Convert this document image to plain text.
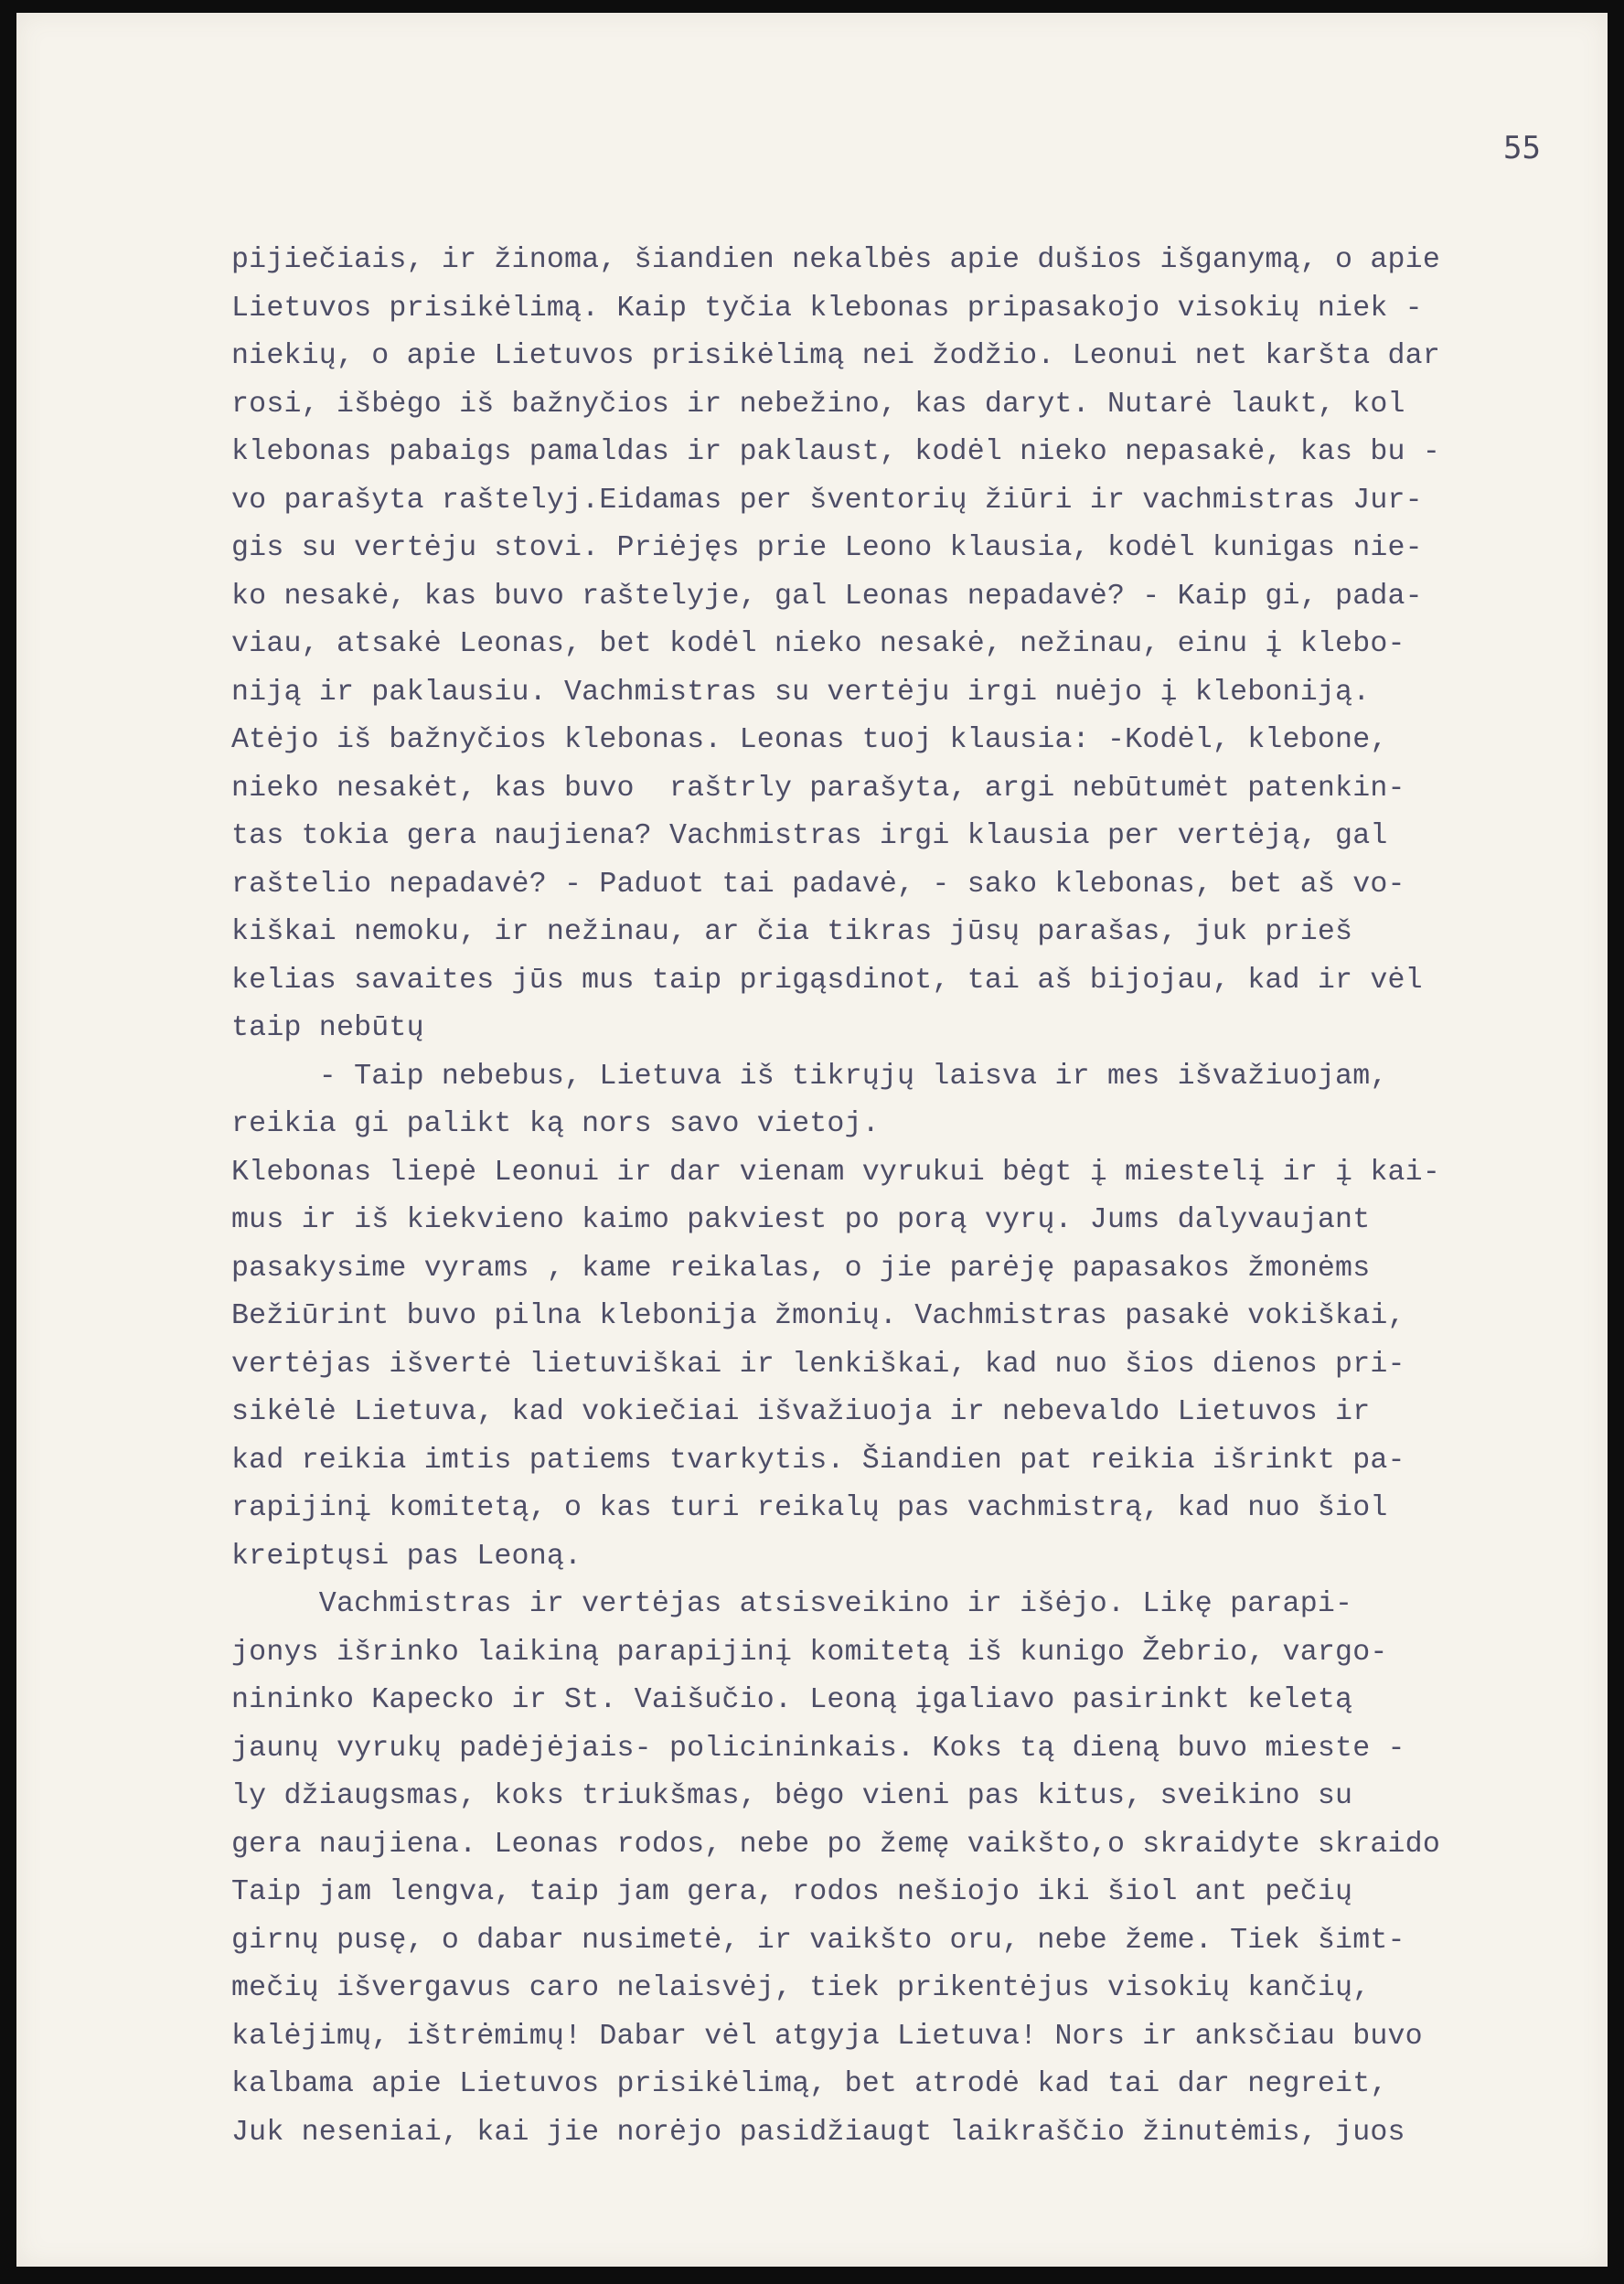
55
pijiečiais, ir žinoma, šiandien nekalbės apie dušios išganymą, o apie
Lietuvos prisikėlimą. Kaip tyčia klebonas pripasakojo visokių niek -
niekių, o apie Lietuvos prisikėlimą nei žodžio. Leonui net karšta dar
rosi, išbėgo iš bažnyčios ir nebežino, kas daryt. Nutarė laukt, kol
klebonas pabaigs pamaldas ir paklaust, kodėl nieko nepasakė, kas bu -
vo parašyta raštelyj.Eidamas per šventorių žiūri ir vachmistras Jur-
gis su vertėju stovi. Priėjęs prie Leono klausia, kodėl kunigas nie-
ko nesakė, kas buvo raštelyje, gal Leonas nepadavė? - Kaip gi, pada-
viau, atsakė Leonas, bet kodėl nieko nesakė, nežinau, einu į klebo-
niją ir paklausiu. Vachmistras su vertėju irgi nuėjo į kleboniją.
Atėjo iš bažnyčios klebonas. Leonas tuoj klausia: -Kodėl, klebone,
nieko nesakėt, kas buvo  raštrly parašyta, argi nebūtumėt patenkin-
tas tokia gera naujiena? Vachmistras irgi klausia per vertėją, gal
raštelio nepadavė? - Paduot tai padavė, - sako klebonas, bet aš vo-
kiškai nemoku, ir nežinau, ar čia tikras jūsų parašas, juk prieš
kelias savaites jūs mus taip prigąsdinot, tai aš bijojau, kad ir vėl
taip nebūtų
- Taip nebebus, Lietuva iš tikrųjų laisva ir mes išvažiuojam,
reikia gi palikt ką nors savo vietoj.
Klebonas liepė Leonui ir dar vienam vyrukui bėgt į miestelį ir į kai-
mus ir iš kiekvieno kaimo pakviest po porą vyrų. Jums dalyvaujant
pasakysime vyrams , kame reikalas, o jie parėję papasakos žmonėms
Bežiūrint buvo pilna klebonija žmonių. Vachmistras pasakė vokiškai,
vertėjas išvertė lietuviškai ir lenkiškai, kad nuo šios dienos pri-
sikėlė Lietuva, kad vokiečiai išvažiuoja ir nebevaldo Lietuvos ir
kad reikia imtis patiems tvarkytis. Šiandien pat reikia išrinkt pa-
rapijinį komitetą, o kas turi reikalų pas vachmistrą, kad nuo šiol
kreiptųsi pas Leoną.
Vachmistras ir vertėjas atsisveikino ir išėjo. Likę parapi-
jonys išrinko laikiną parapijinį komitetą iš kunigo Žebrio, vargo-
nininko Kapecko ir St. Vaišučio. Leoną įgaliavo pasirinkt keletą
jaunų vyrukų padėjėjais- policininkais. Koks tą dieną buvo mieste -
ly džiaugsmas, koks triukšmas, bėgo vieni pas kitus, sveikino su
gera naujiena. Leonas rodos, nebe po žemę vaikšto,o skraidyte skraido
Taip jam lengva, taip jam gera, rodos nešiojo iki šiol ant pečių
girnų pusę, o dabar nusimetė, ir vaikšto oru, nebe žeme. Tiek šimt-
mečių išvergavus caro nelaisvėj, tiek prikentėjus visokių kančių,
kalėjimų, ištrėmimų! Dabar vėl atgyja Lietuva! Nors ir anksčiau buvo
kalbama apie Lietuvos prisikėlimą, bet atrodė kad tai dar negreit,
Juk neseniai, kai jie norėjo pasidžiaugt laikraščio žinutėmis, juos
